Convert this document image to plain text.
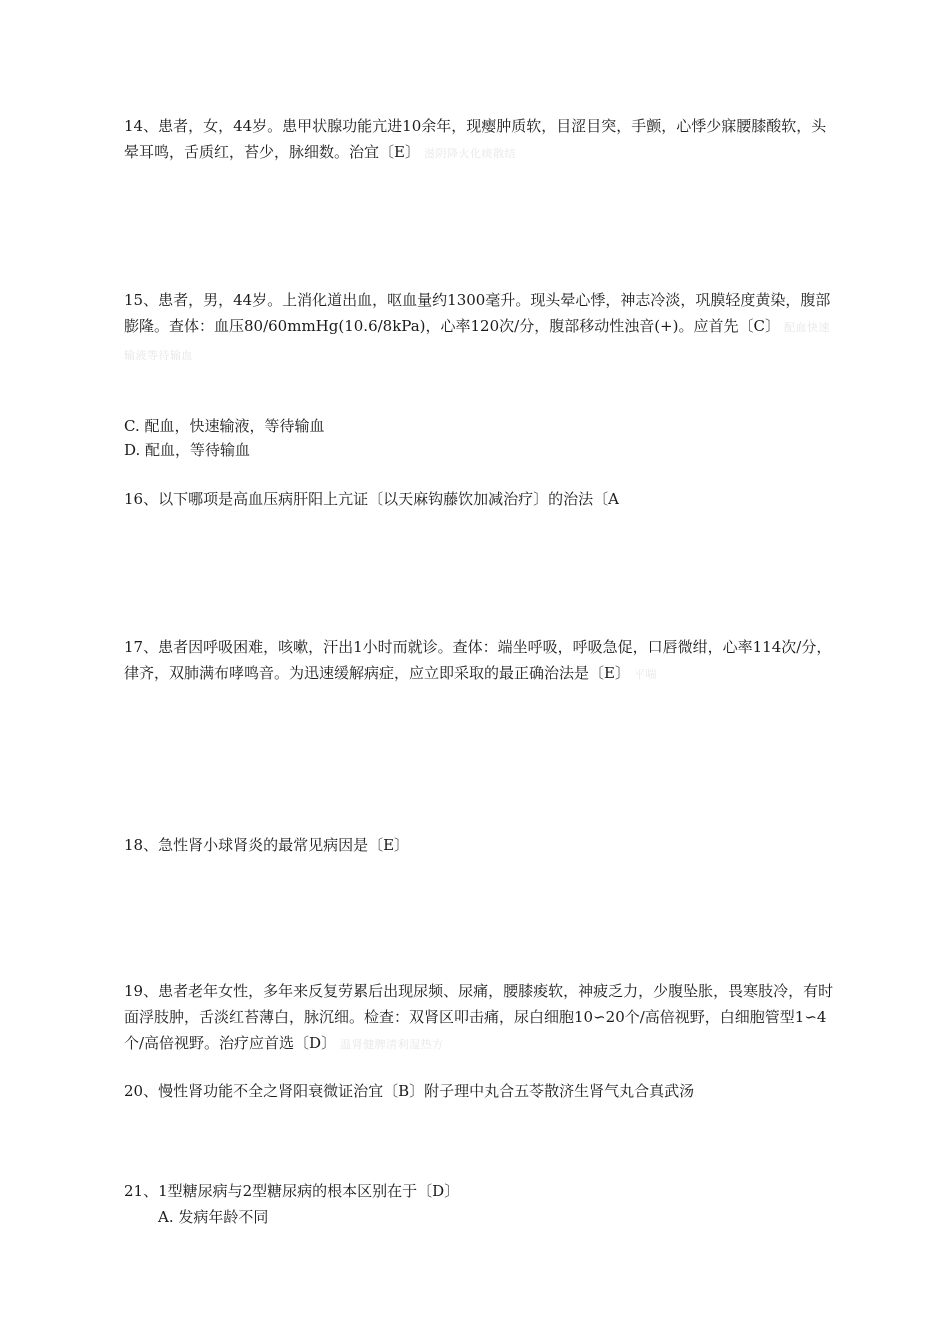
14、患者，女，44岁。患甲状腺功能亢进10余年，现瘿肿质软，目涩目突，手颤，心悸少寐腰膝酸软，头晕耳鸣，舌质红，苔少，脉细数。治宜〔E〕 滋阴降火化痰散结

15、患者，男，44岁。上消化道出血，呕血量约1300毫升。现头晕心悸，神志冷淡，巩膜轻度黄染，腹部膨隆。查体：血压80/60mmHg(10.6/8kPa)，心率120次/分，腹部移动性浊音(+)。应首先〔C〕 配血快速输液等待输血

C. 配血，快速输液，等待输血

D. 配血，等待输血

16、以下哪项是高血压病肝阳上亢证〔以天麻钩藤饮加减治疗〕的治法〔A

17、患者因呼吸困难，咳嗽，汗出1小时而就诊。查体：端坐呼吸，呼吸急促，口唇微绀，心率114次/分，律齐，双肺满布哮鸣音。为迅速缓解病症，应立即采取的最正确治法是〔E〕 平喘

18、急性肾小球肾炎的最常见病因是〔E〕

19、患者老年女性，多年来反复劳累后出现尿频、尿痛，腰膝痠软，神疲乏力，少腹坠胀，畏寒肢冷，有时面浮肢肿，舌淡红苔薄白，脉沉细。检查：双肾区叩击痛，尿白细胞10∽20个/高倍视野，白细胞管型1∽4个/高倍视野。治疗应首选〔D〕 温肾健脾清利湿热方

20、慢性肾功能不全之肾阳衰微证治宜〔B〕附子理中丸合五苓散济生肾气丸合真武汤

21、1型糖尿病与2型糖尿病的根本区别在于〔D〕

A. 发病年龄不同
